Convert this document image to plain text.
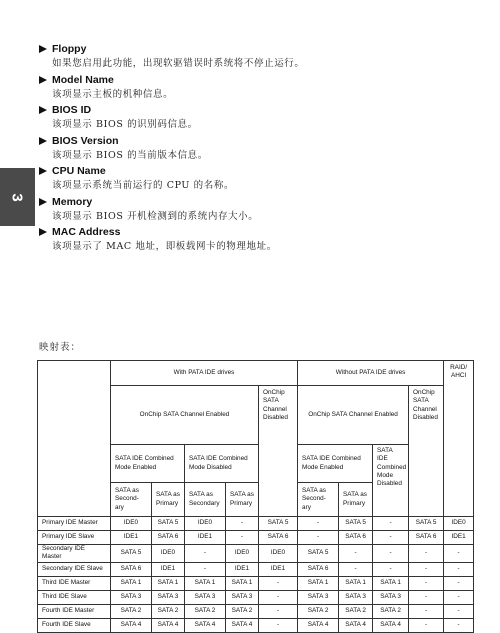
3
Floppy
如果您启用此功能，出现软驱错误时系统将不停止运行。
Model Name
该项显示主板的机种信息。
BIOS ID
该项显示 BIOS 的识别码信息。
BIOS Version
该项显示 BIOS 的当前版本信息。
CPU Name
该项显示系统当前运行的 CPU 的名称。
Memory
该项显示 BIOS 开机检测到的系统内存大小。
MAC Address
该项显示了 MAC 地址，即板载网卡的物理地址。
映射表：
	With PATA IDE drives					Without PATA IDE drives				RAID/ AHCI
	OnChip SATA Channel Enabled				OnChip SATA Channel Disabled	OnChip SATA Channel Enabled			OnChip SATA Channel Disabled	
	SATA IDE Combined Mode Enabled		SATA IDE Combined Mode Disabled			SATA IDE Combined Mode Enabled		SATA IDE Combined Mode Disabled		
	SATA as Second-ary	SATA as Primary	SATA as Secondary	SATA as Primary		SATA as Second-ary	SATA as Primary			
Primary IDE Master	IDE0	SATA 5	IDE0	-	SATA 5	-	SATA 5	-	SATA 5	IDE0
Primary IDE Slave	IDE1	SATA 6	IDE1	-	SATA 6	-	SATA 6	-	SATA 6	IDE1
Secondary IDE Master	SATA 5	IDE0	-	IDE0	IDE0	SATA 5	-	-	-	-
Secondary IDE Slave	SATA 6	IDE1	-	IDE1	IDE1	SATA 6	-	-	-	-
Third IDE Master	SATA 1	SATA 1	SATA 1	SATA 1	-	SATA 1	SATA 1	SATA 1	-	-
Third IDE Slave	SATA 3	SATA 3	SATA 3	SATA 3	-	SATA 3	SATA 3	SATA 3	-	-
Fourth IDE Master	SATA 2	SATA 2	SATA 2	SATA 2	-	SATA 2	SATA 2	SATA 2	-	-
Fourth IDE Slave	SATA 4	SATA 4	SATA 4	SATA 4	-	SATA 4	SATA 4	SATA 4	-	-
